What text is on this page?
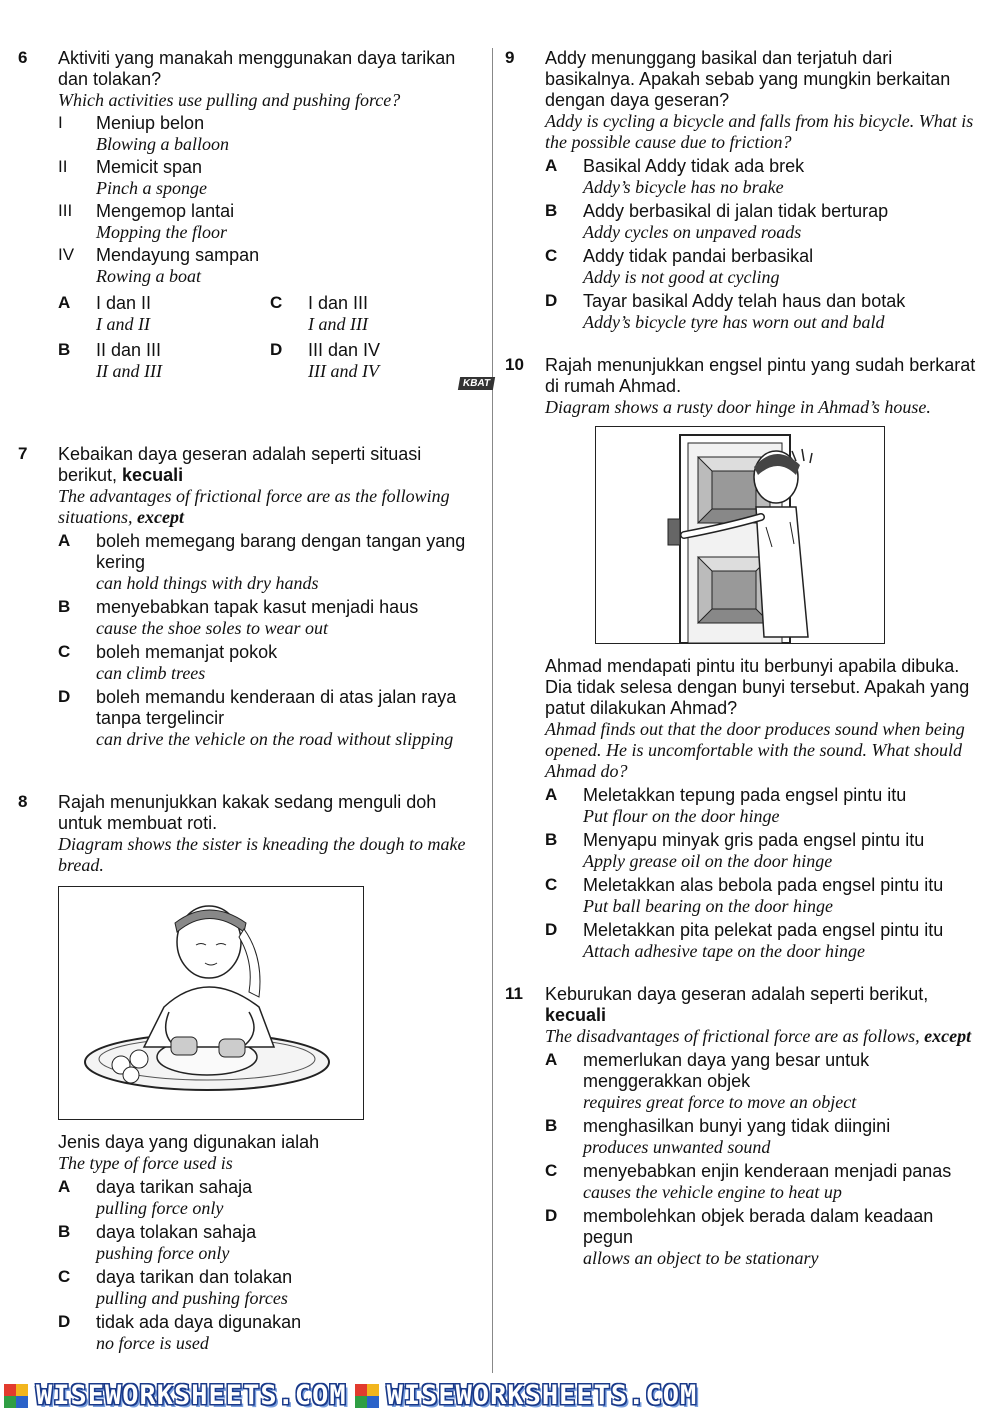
6 Aktiviti yang manakah menggunakan daya tarikan dan tolakan?
Which activities use pulling and pushing force?
I Meniup belon
Blowing a balloon
II Memicit span
Pinch a sponge
III Mengemop lantai
Mopping the floor
IV Mendayung sampan
Rowing a boat
A I dan II
I and II
C I dan III
I and III
B II dan III
II and III
D III dan IV
III and IV
7 Kebaikan daya geseran adalah seperti situasi berikut, kecuali
The advantages of frictional force are as the following situations, except
A boleh memegang barang dengan tangan yang kering
can hold things with dry hands
B menyebabkan tapak kasut menjadi haus
cause the shoe soles to wear out
C boleh memanjat pokok
can climb trees
D boleh memandu kenderaan di atas jalan raya tanpa tergelincir
can drive the vehicle on the road without slipping
8 Rajah menunjukkan kakak sedang menguli doh untuk membuat roti.
Diagram shows the sister is kneading the dough to make bread.
Jenis daya yang digunakan ialah
The type of force used is
A daya tarikan sahaja
pulling force only
B daya tolakan sahaja
pushing force only
C daya tarikan dan tolakan
pulling and pushing forces
D tidak ada daya digunakan
no force is used
9 Addy menunggang basikal dan terjatuh dari basikalnya. Apakah sebab yang mungkin berkaitan dengan daya geseran?
Addy is cycling a bicycle and falls from his bicycle. What is the possible cause due to friction?
A Basikal Addy tidak ada brek
Addy’s bicycle has no brake
B Addy berbasikal di jalan tidak berturap
Addy cycles on unpaved roads
C Addy tidak pandai berbasikal
Addy is not good at cycling
D Tayar basikal Addy telah haus dan botak
Addy’s bicycle tyre has worn out and bald
10
KBAT
Rajah menunjukkan engsel pintu yang sudah berkarat di rumah Ahmad.
Diagram shows a rusty door hinge in Ahmad’s house.
Ahmad mendapati pintu itu berbunyi apabila dibuka. Dia tidak selesa dengan bunyi tersebut. Apakah yang patut dilakukan Ahmad?
Ahmad finds out that the door produces sound when being opened. He is uncomfortable with the sound. What should Ahmad do?
A Meletakkan tepung pada engsel pintu itu
Put flour on the door hinge
B Menyapu minyak gris pada engsel pintu itu
Apply grease oil on the door hinge
C Meletakkan alas bebola pada engsel pintu itu
Put ball bearing on the door hinge
D Meletakkan pita pelekat pada engsel pintu itu
Attach adhesive tape on the door hinge
11 Keburukan daya geseran adalah seperti berikut, kecuali
The disadvantages of frictional force are as follows, except
A memerlukan daya yang besar untuk menggerakkan objek
requires great force to move an object
B menghasilkan bunyi yang tidak diingini
produces unwanted sound
C menyebabkan enjin kenderaan menjadi panas
causes the vehicle engine to heat up
D membolehkan objek berada dalam keadaan pegun
allows an object to be stationary
WISEWORKSHEETS.COM WISEWORKSHEETS.COM
